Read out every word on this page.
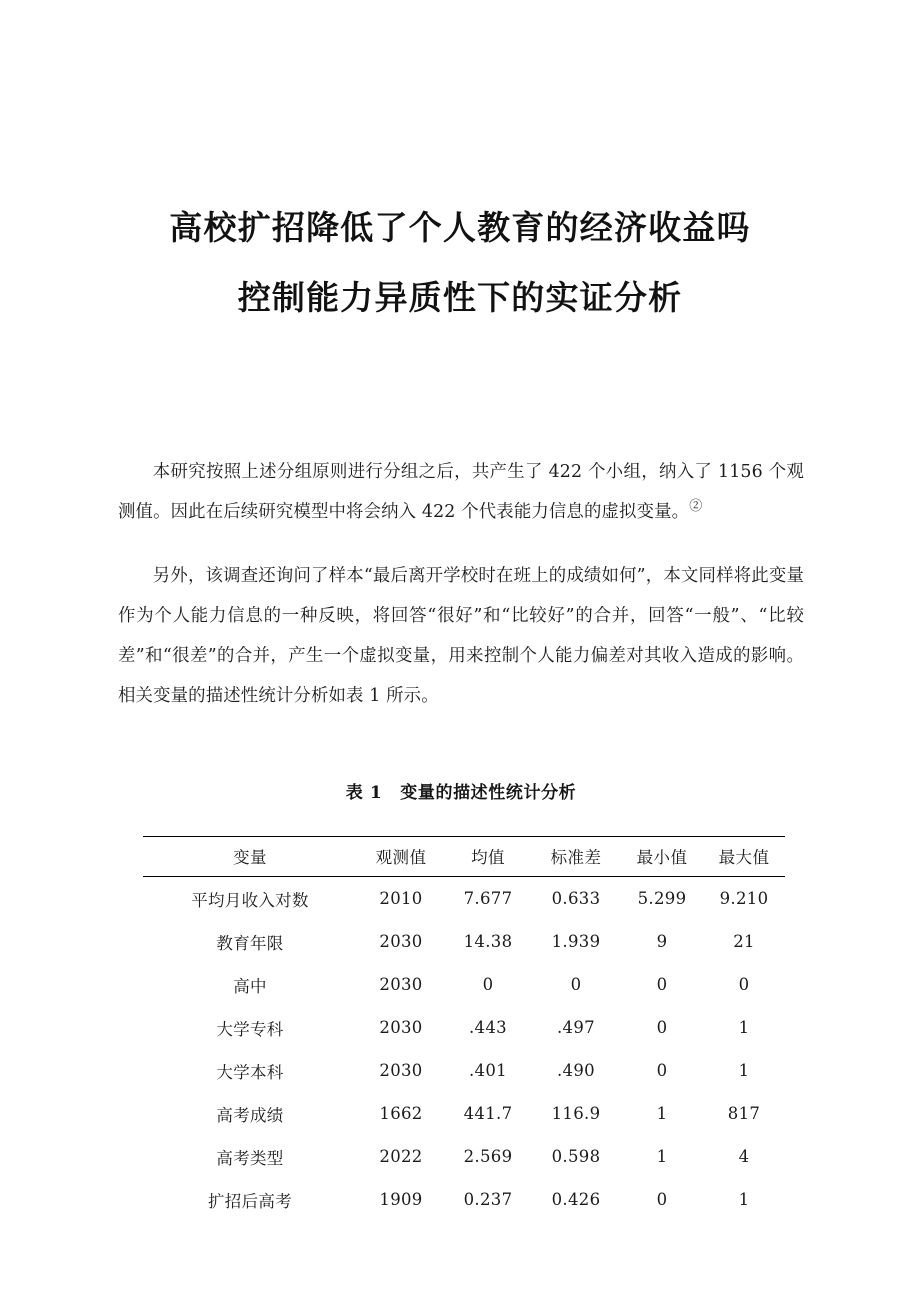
高校扩招降低了个人教育的经济收益吗
控制能力异质性下的实证分析

本研究按照上述分组原则进行分组之后，共产生了 422 个小组，纳入了 1156 个观测值。因此在后续研究模型中将会纳入 422 个代表能力信息的虚拟变量。②

另外，该调查还询问了样本“最后离开学校时在班上的成绩如何”，本文同样将此变量作为个人能力信息的一种反映，将回答“很好”和“比较好”的合并，回答“一般”、“比较差”和“很差”的合并，产生一个虚拟变量，用来控制个人能力偏差对其收入造成的影响。相关变量的描述性统计分析如表 1 所示。

表 1 变量的描述性统计分析
变量	观测值	均值	标准差	最小值	最大值
平均月收入对数	2010	7.677	0.633	5.299	9.210
教育年限	2030	14.38	1.939	9	21
高中	2030	0	0	0	0
大学专科	2030	.443	.497	0	1
大学本科	2030	.401	.490	0	1
高考成绩	1662	441.7	116.9	1	817
高考类型	2022	2.569	0.598	1	4
扩招后高考	1909	0.237	0.426	0	1
